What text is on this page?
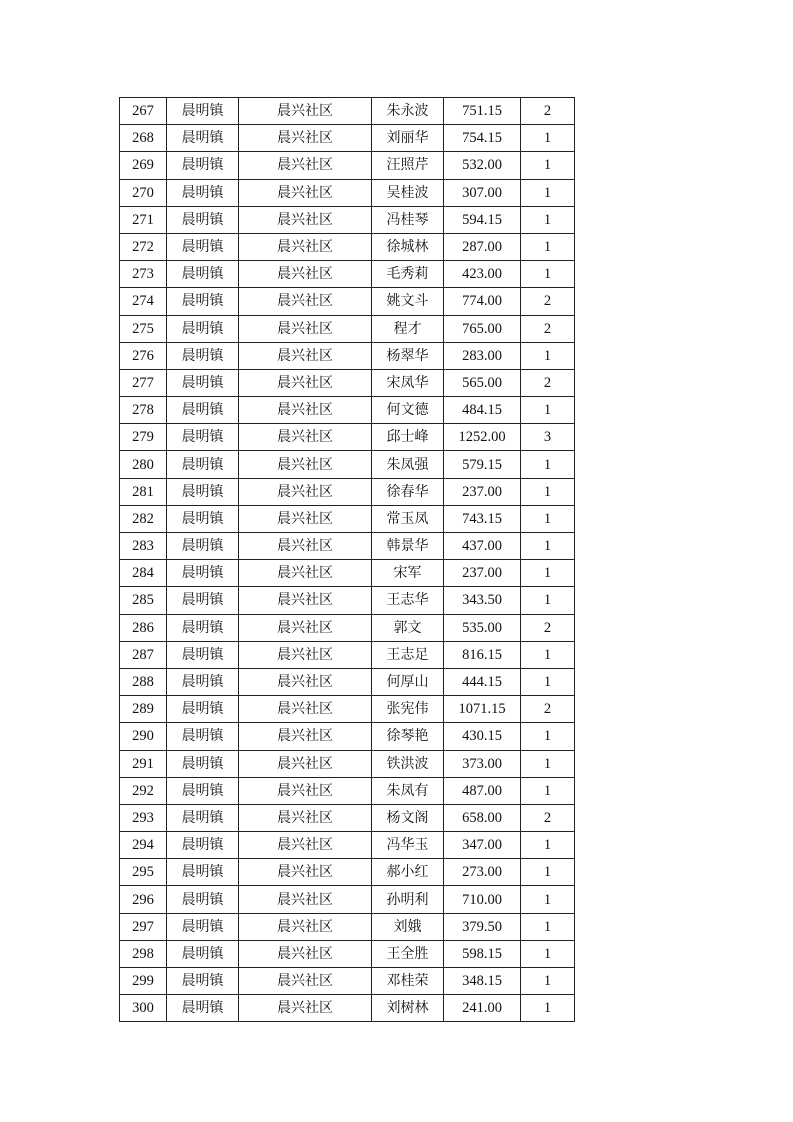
267	晨明镇	晨兴社区	朱永波	751.15	2
268	晨明镇	晨兴社区	刘丽华	754.15	1
269	晨明镇	晨兴社区	汪照芹	532.00	1
270	晨明镇	晨兴社区	吴桂波	307.00	1
271	晨明镇	晨兴社区	冯桂琴	594.15	1
272	晨明镇	晨兴社区	徐城林	287.00	1
273	晨明镇	晨兴社区	毛秀莉	423.00	1
274	晨明镇	晨兴社区	姚文斗	774.00	2
275	晨明镇	晨兴社区	程才	765.00	2
276	晨明镇	晨兴社区	杨翠华	283.00	1
277	晨明镇	晨兴社区	宋凤华	565.00	2
278	晨明镇	晨兴社区	何文德	484.15	1
279	晨明镇	晨兴社区	邱士峰	1252.00	3
280	晨明镇	晨兴社区	朱凤强	579.15	1
281	晨明镇	晨兴社区	徐春华	237.00	1
282	晨明镇	晨兴社区	常玉凤	743.15	1
283	晨明镇	晨兴社区	韩景华	437.00	1
284	晨明镇	晨兴社区	宋军	237.00	1
285	晨明镇	晨兴社区	王志华	343.50	1
286	晨明镇	晨兴社区	郭文	535.00	2
287	晨明镇	晨兴社区	王志足	816.15	1
288	晨明镇	晨兴社区	何厚山	444.15	1
289	晨明镇	晨兴社区	张宪伟	1071.15	2
290	晨明镇	晨兴社区	徐琴艳	430.15	1
291	晨明镇	晨兴社区	铁洪波	373.00	1
292	晨明镇	晨兴社区	朱凤有	487.00	1
293	晨明镇	晨兴社区	杨文阁	658.00	2
294	晨明镇	晨兴社区	冯华玉	347.00	1
295	晨明镇	晨兴社区	郝小红	273.00	1
296	晨明镇	晨兴社区	孙明利	710.00	1
297	晨明镇	晨兴社区	刘娥	379.50	1
298	晨明镇	晨兴社区	王全胜	598.15	1
299	晨明镇	晨兴社区	邓桂荣	348.15	1
300	晨明镇	晨兴社区	刘树林	241.00	1
